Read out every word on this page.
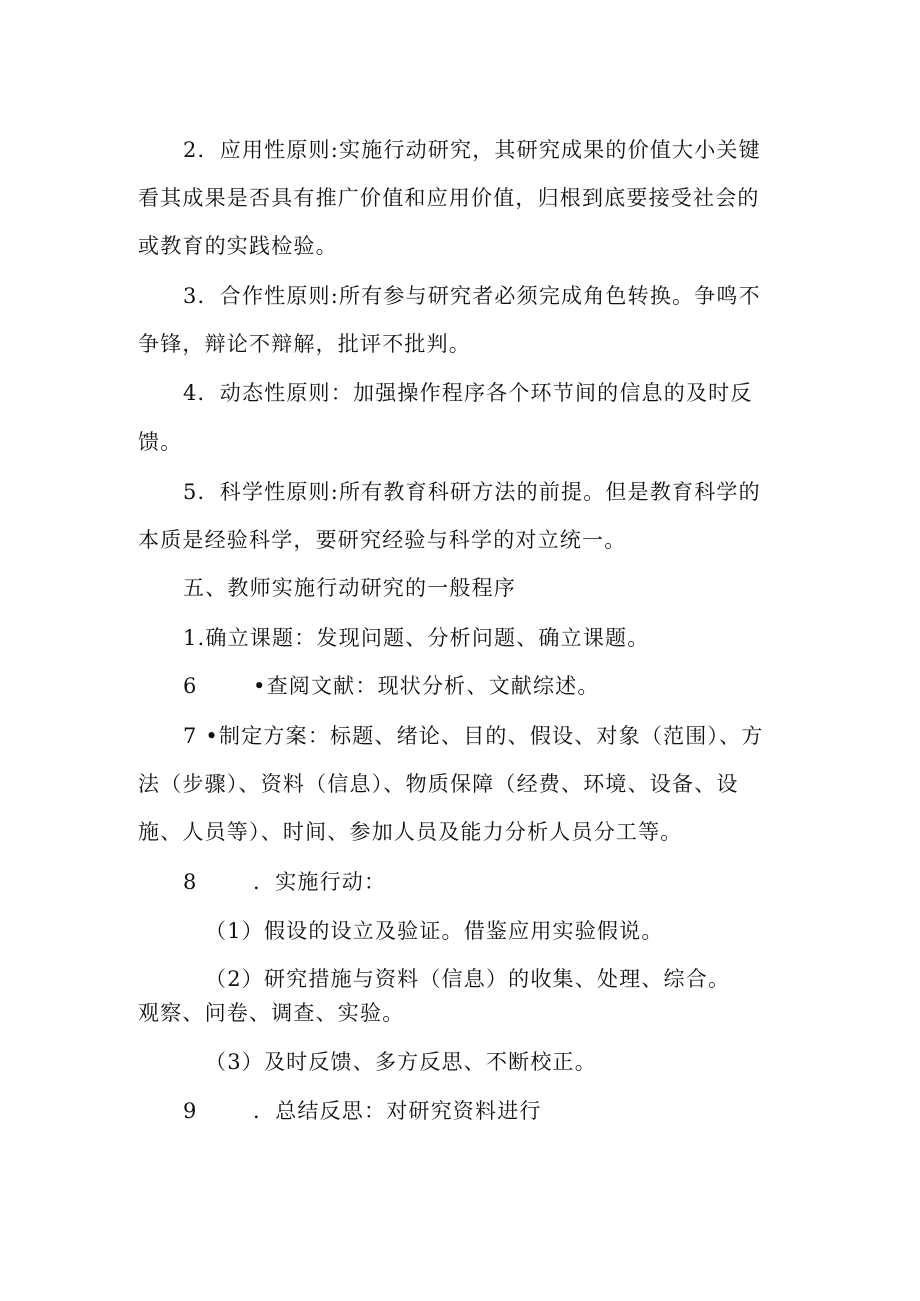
2．应用性原则:实施行动研究，其研究成果的价值大小关键
看其成果是否具有推广价值和应用价值，归根到底要接受社会的
或教育的实践检验。
3．合作性原则:所有参与研究者必须完成角色转换。争鸣不
争锋，辩论不辩解，批评不批判。
4．动态性原则：加强操作程序各个环节间的信息的及时反
馈。
5．科学性原则:所有教育科研方法的前提。但是教育科学的
本质是经验科学，要研究经验与科学的对立统一。
五、教师实施行动研究的一般程序
1.确立课题：发现问题、分析问题、确立课题。
6	•查阅文献：现状分析、文献综述。
7 •制定方案：标题、绪论、目的、假设、对象（范围）、方
法（步骤）、资料（信息）、物质保障（经费、环境、设备、设
施、人员等）、时间、参加人员及能力分析人员分工等。
8	．实施行动：
（1）假设的设立及验证。借鉴应用实验假说。
（2）研究措施与资料（信息）的收集、处理、综合。
观察、问卷、调查、实验。
（3）及时反馈、多方反思、不断校正。
9	．总结反思：对研究资料进行
